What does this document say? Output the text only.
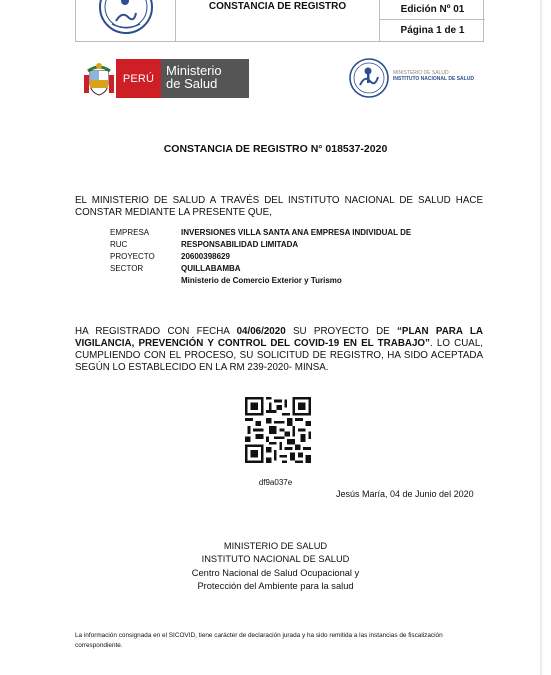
CONSTANCIA DE REGISTRO	Edición Nº 01
Página 1 de 1
PERÚ
Ministerio
de Salud
MINISTERIO DE SALUD
INSTITUTO NACIONAL DE SALUD
CONSTANCIA DE REGISTRO N° 018537-2020
EL MINISTERIO DE SALUD A TRAVÉS DEL INSTITUTO NACIONAL DE SALUD HACE CONSTAR MEDIANTE LA PRESENTE QUE,
EMPRESA
RUC
PROYECTO
SECTOR
INVERSIONES VILLA SANTA ANA EMPRESA INDIVIDUAL DE
RESPONSABILIDAD LIMITADA
20600398629
QUILLABAMBA
Ministerio de Comercio Exterior y Turismo
HA REGISTRADO CON FECHA 04/06/2020 SU PROYECTO DE “PLAN PARA LA VIGILANCIA, PREVENCIÓN Y CONTROL DEL COVID-19 EN EL TRABAJO”. LO CUAL, CUMPLIENDO CON EL PROCESO, SU SOLICITUD DE REGISTRO, HA SIDO ACEPTADA SEGÚN LO ESTABLECIDO EN LA RM 239-2020- MINSA.
df9a037e
Jesús María, 04 de Junio del 2020
MINISTERIO DE SALUD
INSTITUTO NACIONAL DE SALUD
Centro Nacional de Salud Ocupacional y
Protección del Ambiente para la salud
La información consignada en el SICOVID, tiene carácter de declaración jurada y ha sido remitida a las instancias de fiscalización correspondiente.
